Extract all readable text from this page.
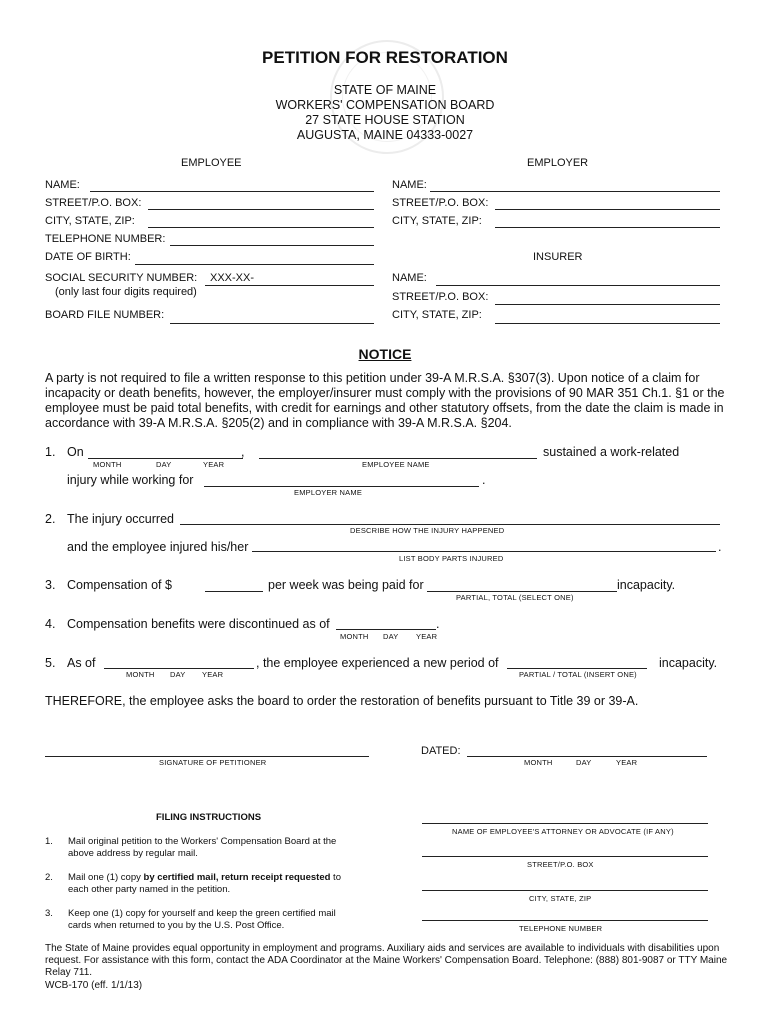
PETITION FOR RESTORATION
STATE OF MAINE
WORKERS' COMPENSATION BOARD
27 STATE HOUSE STATION
AUGUSTA, MAINE 04333-0027
EMPLOYEE	EMPLOYER
NAME:
STREET/P.O. BOX:
CITY, STATE, ZIP:
TELEPHONE NUMBER:
DATE OF BIRTH:
SOCIAL SECURITY NUMBER: XXX-XX-
(only last four digits required)
BOARD FILE NUMBER:
NAME:
STREET/P.O. BOX:
CITY, STATE, ZIP:
INSURER
NAME:
STREET/P.O. BOX:
CITY, STATE, ZIP:
NOTICE
A party is not required to file a written response to this petition under 39-A M.R.S.A. §307(3). Upon notice of a claim for
incapacity or death benefits, however, the employer/insurer must comply with the provisions of 90 MAR 351 Ch.1. §1 or the
employee must be paid total benefits, with credit for earnings and other statutory offsets, from the date the claim is made in
accordance with 39-A M.R.S.A. §205(2) and in compliance with 39-A M.R.S.A. §204.
1. On	,	sustained a work-related
MONTH	DAY	YEAR	EMPLOYEE NAME
injury while working for	.
EMPLOYER NAME
2. The injury occurred
DESCRIBE HOW THE INJURY HAPPENED
and the employee injured his/her	.
LIST BODY PARTS INJURED
3. Compensation of $	per week was being paid for	incapacity.
PARTIAL, TOTAL (SELECT ONE)
4. Compensation benefits were discontinued as of	.
MONTH DAY YEAR
5. As of	, the employee experienced a new period of	incapacity.
MONTH DAY YEAR	PARTIAL / TOTAL (INSERT ONE)
THEREFORE, the employee asks the board to order the restoration of benefits pursuant to Title 39 or 39-A.
SIGNATURE OF PETITIONER
DATED:
MONTH	DAY	YEAR
FILING INSTRUCTIONS
1. Mail original petition to the Workers' Compensation Board at the
above address by regular mail.
2. Mail one (1) copy by certified mail, return receipt requested to
each other party named in the petition.
3. Keep one (1) copy for yourself and keep the green certified mail
cards when returned to you by the U.S. Post Office.
NAME OF EMPLOYEE'S ATTORNEY OR ADVOCATE (IF ANY)
STREET/P.O. BOX
CITY, STATE, ZIP
TELEPHONE NUMBER
The State of Maine provides equal opportunity in employment and programs. Auxiliary aids and services are available to individuals with disabilities upon
request. For assistance with this form, contact the ADA Coordinator at the Maine Workers' Compensation Board. Telephone: (888) 801-9087 or TTY Maine
Relay 711.
WCB-170 (eff. 1/1/13)
